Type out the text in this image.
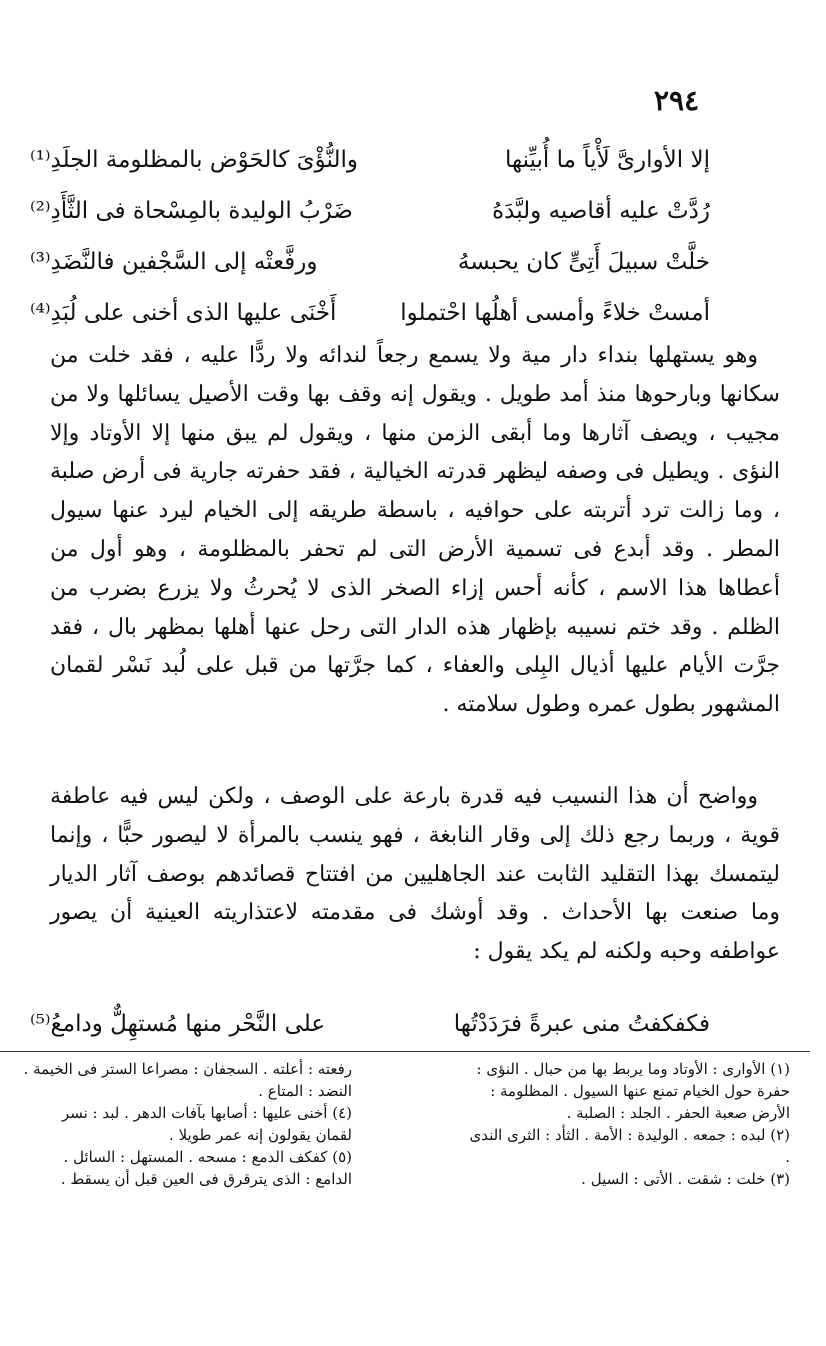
٢٩٤
إلا الأوارىَّ لَأْياً ما أُبيِّنها
والنُّؤْىَ كالحَوْض بالمظلومة الجلَدِ⁽¹⁾
رُدَّتْ عليه أقاصيه ولبَّدَهُ
ضَرْبُ الوليدة بالمِسْحاة فى الثَّأَدِ⁽²⁾
خلَّتْ سبيلَ أَتِىٍّ كان يحبسهُ
ورفَّعتْه إلى السَّجْفين فالنَّضَدِ⁽³⁾
أمستْ خلاءً وأمسى أهلُها احْتملوا
أَخْنَى عليها الذى أخنى على لُبَدِ⁽⁴⁾

وهو يستهلها بنداء دار مية ولا يسمع رجعاً لندائه ولا ردًّا عليه ، فقد خلت من سكانها وبارحوها منذ أمد طويل . ويقول إنه وقف بها وقت الأصيل يسائلها ولا من مجيب ، ويصف آثارها وما أبقى الزمن منها ، ويقول لم يبق منها إلا الأوتاد وإلا النؤى . ويطيل فى وصفه ليظهر قدرته الخيالية ، فقد حفرته جارية فى أرض صلبة ، وما زالت ترد أتربته على حوافيه ، باسطة طريقه إلى الخيام ليرد عنها سيول المطر . وقد أبدع فى تسمية الأرض التى لم تحفر بالمظلومة ، وهو أول من أعطاها هذا الاسم ، كأنه أحس إزاء الصخر الذى لا يُحرثُ ولا يزرع بضرب من الظلم . وقد ختم نسيبه بإظهار هذه الدار التى رحل عنها أهلها بمظهر بال ، فقد جرَّت الأيام عليها أذيال البِلى والعفاء ، كما جرَّتها من قبل على لُبد نَسْر لقمان المشهور بطول عمره وطول سلامته .

وواضح أن هذا النسيب فيه قدرة بارعة على الوصف ، ولكن ليس فيه عاطفة قوية ، وربما رجع ذلك إلى وقار النابغة ، فهو ينسب بالمرأة لا ليصور حبًّا ، وإنما ليتمسك بهذا التقليد الثابت عند الجاهليين من افتتاح قصائدهم بوصف آثار الديار وما صنعت بها الأحداث . وقد أوشك فى مقدمته لاعتذاريته العينية أن يصور عواطفه وحبه ولكنه لم يكد يقول :

فكفكفتُ منى عبرةً فرَدَدْتُها
على النَّحْر منها مُستهِلٌّ ودامعُ⁽⁵⁾

(١) الأوارى : الأوتاد وما يربط بها من حبال . النؤى : حفرة حول الخيام تمنع عنها السيول . المظلومة : الأرض صعبة الحفر . الجلد : الصلبة .

(٢) لبده : جمعه . الوليدة : الأمة . الثأد : الثرى الندى .

(٣) خلت : شقت . الأتى : السيل .

رفعته : أعلته . السجفان : مصراعا الستر فى الخيمة . النضد : المتاع .

(٤) أخنى عليها : أصابها بآفات الدهر . لبد : نسر لقمان يقولون إنه عمر طويلا .

(٥) كفكف الدمع : مسحه . المستهل : السائل . الدامع : الذى يترقرق فى العين قبل أن يسقط .
